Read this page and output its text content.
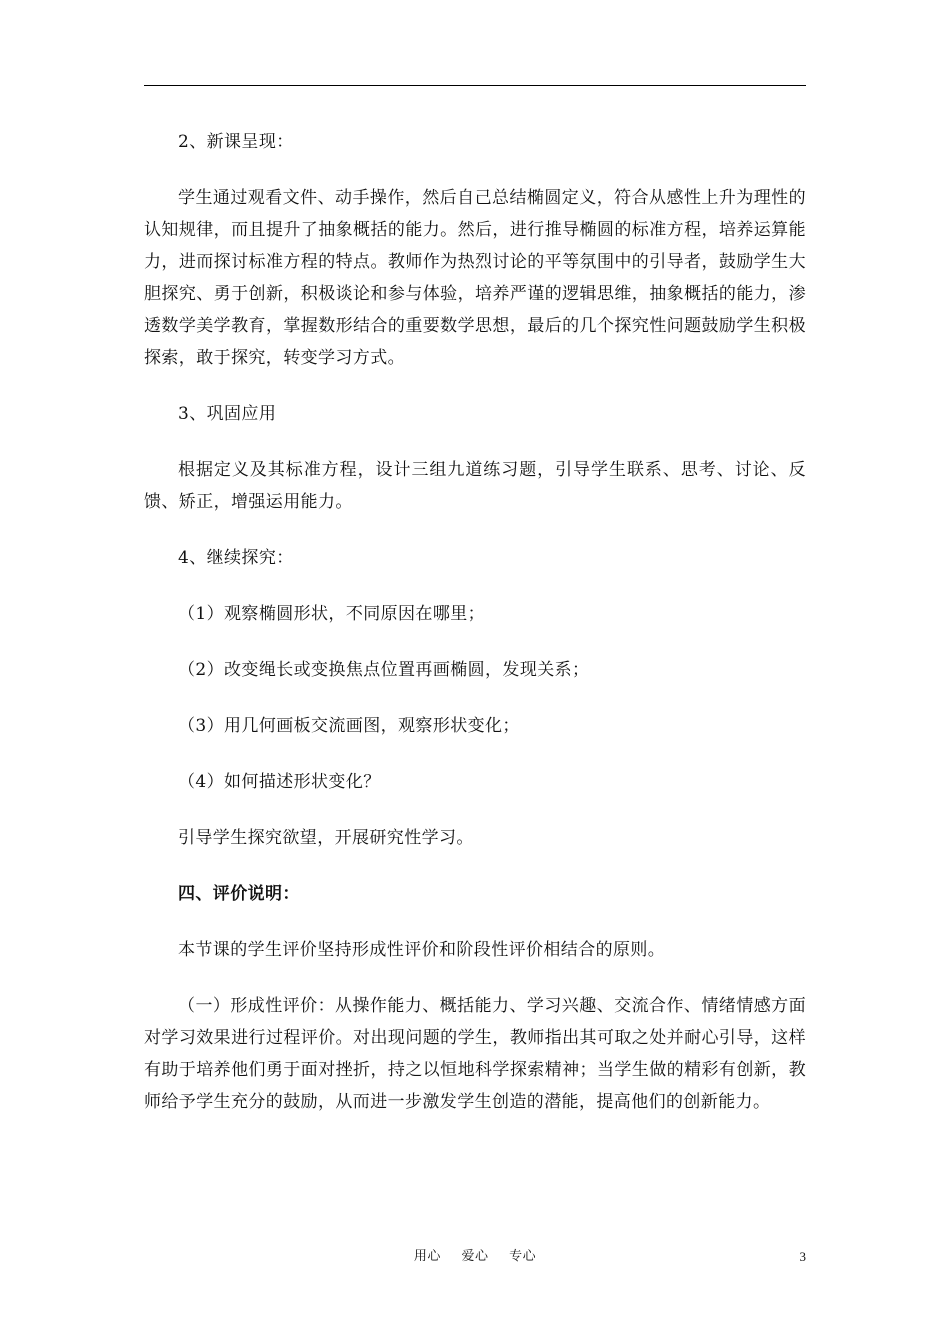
2、新课呈现：

学生通过观看文件、动手操作，然后自己总结椭圆定义，符合从感性上升为理性的认知规律，而且提升了抽象概括的能力。然后，进行推导椭圆的标准方程，培养运算能力，进而探讨标准方程的特点。教师作为热烈讨论的平等氛围中的引导者，鼓励学生大胆探究、勇于创新，积极谈论和参与体验，培养严谨的逻辑思维，抽象概括的能力，渗透数学美学教育，掌握数形结合的重要数学思想，最后的几个探究性问题鼓励学生积极探索，敢于探究，转变学习方式。

3、巩固应用

根据定义及其标准方程，设计三组九道练习题，引导学生联系、思考、讨论、反馈、矫正，增强运用能力。

4、继续探究：

（1）观察椭圆形状，不同原因在哪里；

（2）改变绳长或变换焦点位置再画椭圆，发现关系；

（3）用几何画板交流画图，观察形状变化；

（4）如何描述形状变化？

引导学生探究欲望，开展研究性学习。

四、评价说明：

本节课的学生评价坚持形成性评价和阶段性评价相结合的原则。

（一）形成性评价：从操作能力、概括能力、学习兴趣、交流合作、情绪情感方面对学习效果进行过程评价。对出现问题的学生，教师指出其可取之处并耐心引导，这样有助于培养他们勇于面对挫折，持之以恒地科学探索精神；当学生做的精彩有创新，教师给予学生充分的鼓励，从而进一步激发学生创造的潜能，提高他们的创新能力。

用心 爱心 专心	3
